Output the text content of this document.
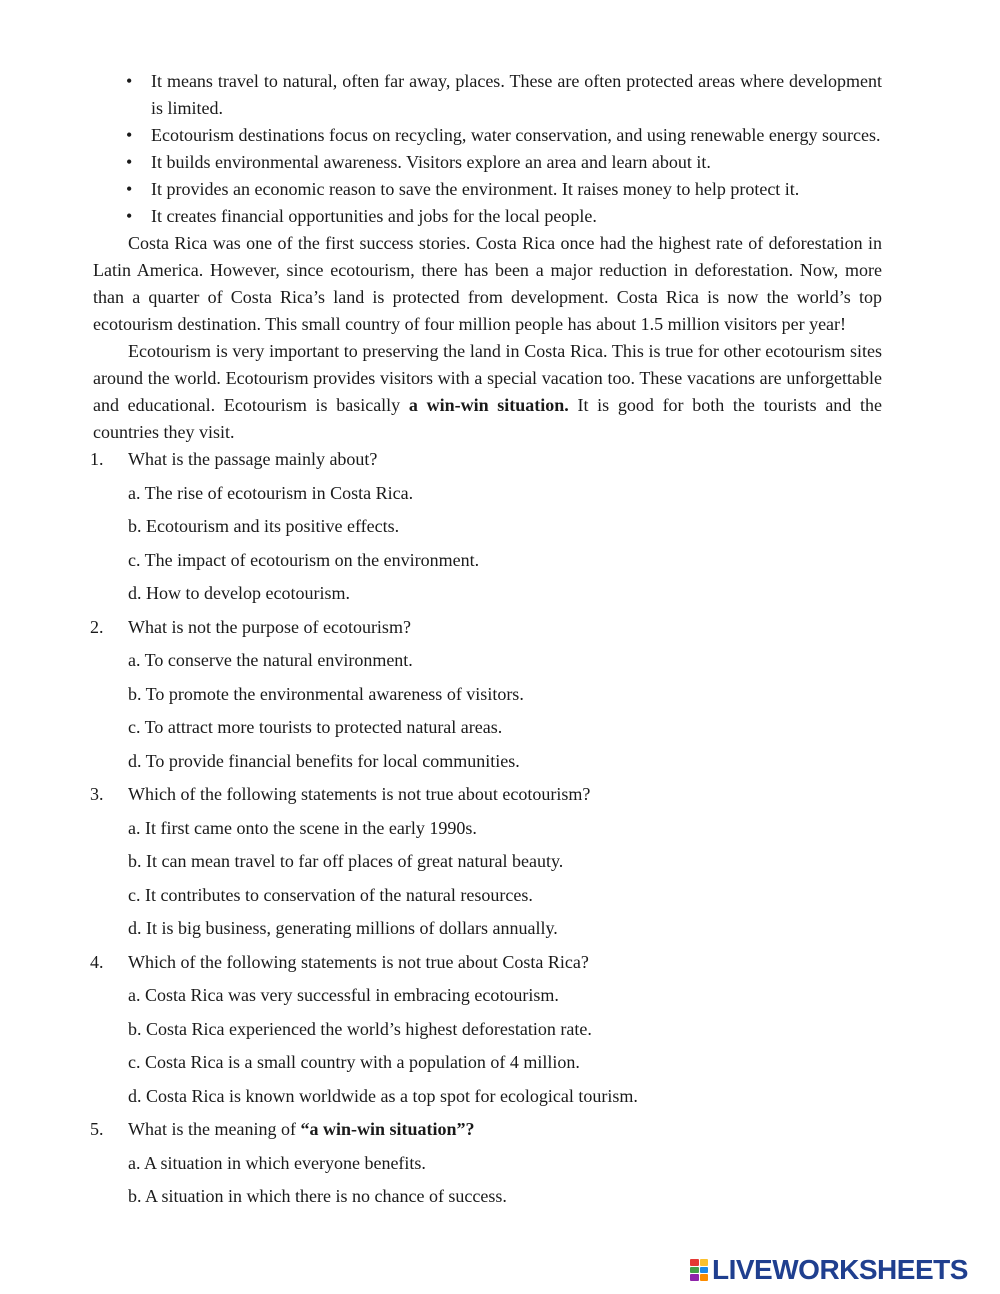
• It means travel to natural, often far away, places. These are often protected areas where development is limited.
• Ecotourism destinations focus on recycling, water conservation, and using renewable energy sources.
• It builds environmental awareness. Visitors explore an area and learn about it.
• It provides an economic reason to save the environment. It raises money to help protect it.
• It creates financial opportunities and jobs for the local people.

Costa Rica was one of the first success stories. Costa Rica once had the highest rate of deforestation in Latin America. However, since ecotourism, there has been a major reduction in deforestation. Now, more than a quarter of Costa Rica’s land is protected from development. Costa Rica is now the world’s top ecotourism destination. This small country of four million people has about 1.5 million visitors per year!

Ecotourism is very important to preserving the land in Costa Rica. This is true for other ecotourism sites around the world. Ecotourism provides visitors with a special vacation too. These vacations are unforgettable and educational. Ecotourism is basically a win-win situation. It is good for both the tourists and the countries they visit.

1. What is the passage mainly about?
a. The rise of ecotourism in Costa Rica.
b. Ecotourism and its positive effects.
c. The impact of ecotourism on the environment.
d. How to develop ecotourism.
2. What is not the purpose of ecotourism?
a. To conserve the natural environment.
b. To promote the environmental awareness of visitors.
c. To attract more tourists to protected natural areas.
d. To provide financial benefits for local communities.
3. Which of the following statements is not true about ecotourism?
a. It first came onto the scene in the early 1990s.
b. It can mean travel to far off places of great natural beauty.
c. It contributes to conservation of the natural resources.
d. It is big business, generating millions of dollars annually.
4. Which of the following statements is not true about Costa Rica?
a. Costa Rica was very successful in embracing ecotourism.
b. Costa Rica experienced the world’s highest deforestation rate.
c. Costa Rica is a small country with a population of 4 million.
d. Costa Rica is known worldwide as a top spot for ecological tourism.
5. What is the meaning of “a win-win situation”?
a. A situation in which everyone benefits.
b. A situation in which there is no chance of success.
LIVEWORKSHEETS
